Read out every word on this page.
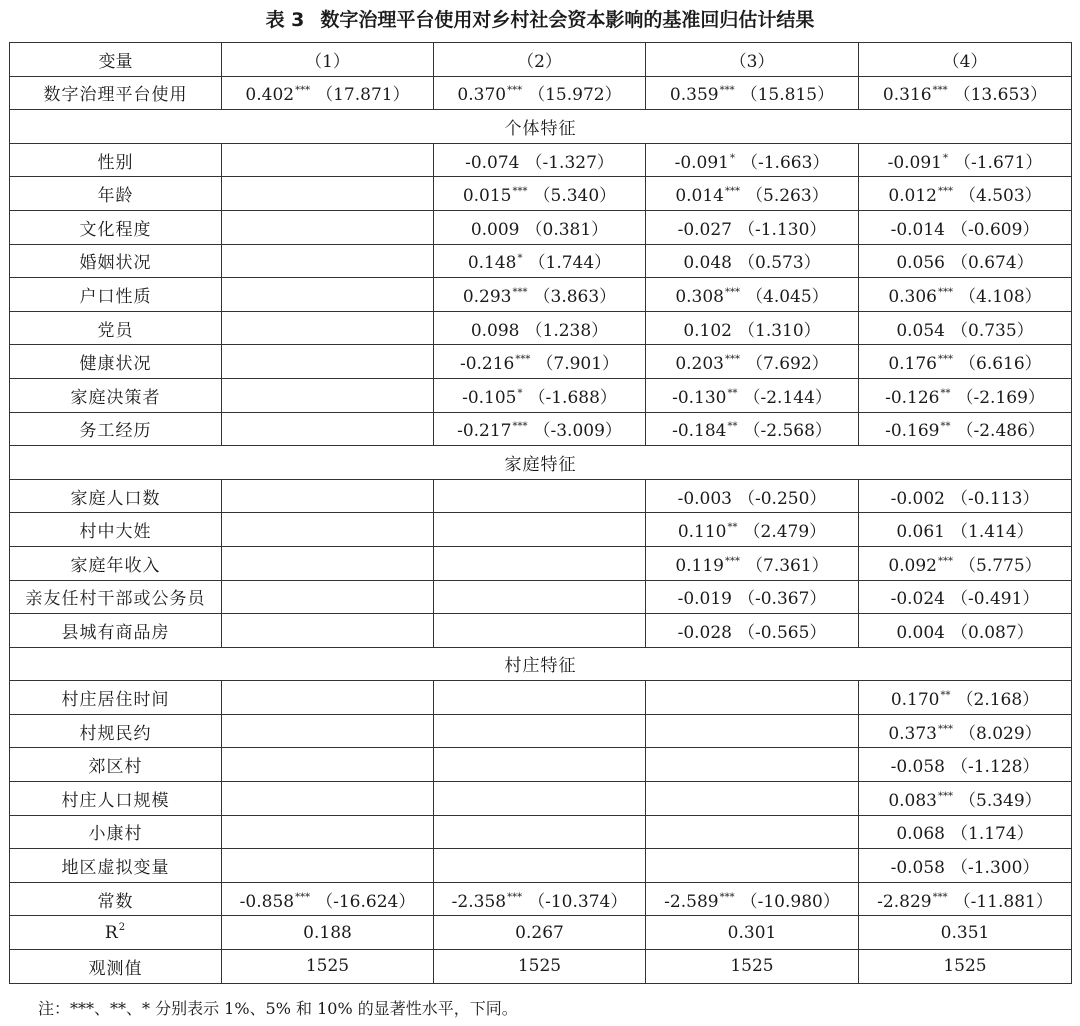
表 3 数字治理平台使用对乡村社会资本影响的基准回归估计结果
变量	（1）	（2）	（3）	（4）
数字治理平台使用	0.402*** （17.871）	0.370*** （15.972）	0.359*** （15.815）	0.316*** （13.653）
个体特征				
性别		-0.074 （-1.327）	-0.091* （-1.663）	-0.091* （-1.671）
年龄		0.015*** （5.340）	0.014*** （5.263）	0.012*** （4.503）
文化程度		0.009 （0.381）	-0.027 （-1.130）	-0.014 （-0.609）
婚姻状况		0.148* （1.744）	0.048 （0.573）	0.056 （0.674）
户口性质		0.293*** （3.863）	0.308*** （4.045）	0.306*** （4.108）
党员		0.098 （1.238）	0.102 （1.310）	0.054 （0.735）
健康状况		-0.216*** （7.901）	0.203*** （7.692）	0.176*** （6.616）
家庭决策者		-0.105* （-1.688）	-0.130** （-2.144）	-0.126** （-2.169）
务工经历		-0.217*** （-3.009）	-0.184** （-2.568）	-0.169** （-2.486）
家庭特征				
家庭人口数			-0.003 （-0.250）	-0.002 （-0.113）
村中大姓			0.110** （2.479）	0.061 （1.414）
家庭年收入			0.119*** （7.361）	0.092*** （5.775）
亲友任村干部或公务员			-0.019 （-0.367）	-0.024 （-0.491）
县城有商品房			-0.028 （-0.565）	0.004 （0.087）
村庄特征				
村庄居住时间				0.170** （2.168）
村规民约				0.373*** （8.029）
郊区村				-0.058 （-1.128）
村庄人口规模				0.083*** （5.349）
小康村				0.068 （1.174）
地区虚拟变量				-0.058 （-1.300）
常数	-0.858*** （-16.624）	-2.358*** （-10.374）	-2.589*** （-10.980）	-2.829*** （-11.881）
$R^2$	0.188	0.267	0.301	0.351
观测值	1525	1525	1525	1525
注：***、**、* 分别表示 1%、5% 和 10% 的显著性水平，下同。
